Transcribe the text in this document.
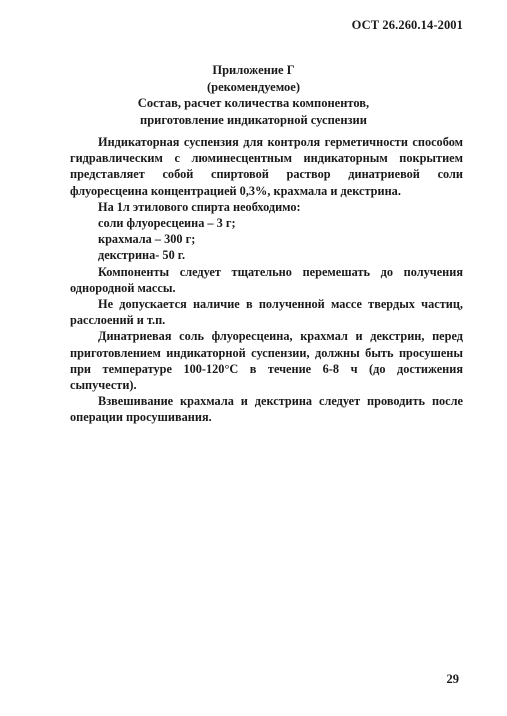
ОСТ 26.260.14-2001
Приложение Г
(рекомендуемое)
Состав, расчет количества компонентов,
приготовление индикаторной суспензии

Индикаторная суспензия для контроля герметичности способом гидравлическим с люминесцентным индикаторным покрытием представляет собой спиртовой раствор динатриевой соли флуоресцеина концентрацией 0,3%, крахмала и декстрина.

На 1л этилового спирта необходимо:

соли флуоресцеина – 3 г;

крахмала – 300 г;

декстрина- 50 г.

Компоненты следует тщательно перемешать до получения однородной массы.

Не допускается наличие в полученной массе твердых частиц, расслоений и т.п.

Динатриевая соль флуоресцеина, крахмал и декстрин, перед приготовлением индикаторной суспензии, должны быть просушены при температуре 100-120°С в течение 6-8 ч (до достижения сыпучести).

Взвешивание крахмала и декстрина следует проводить после операции просушивания.

29
